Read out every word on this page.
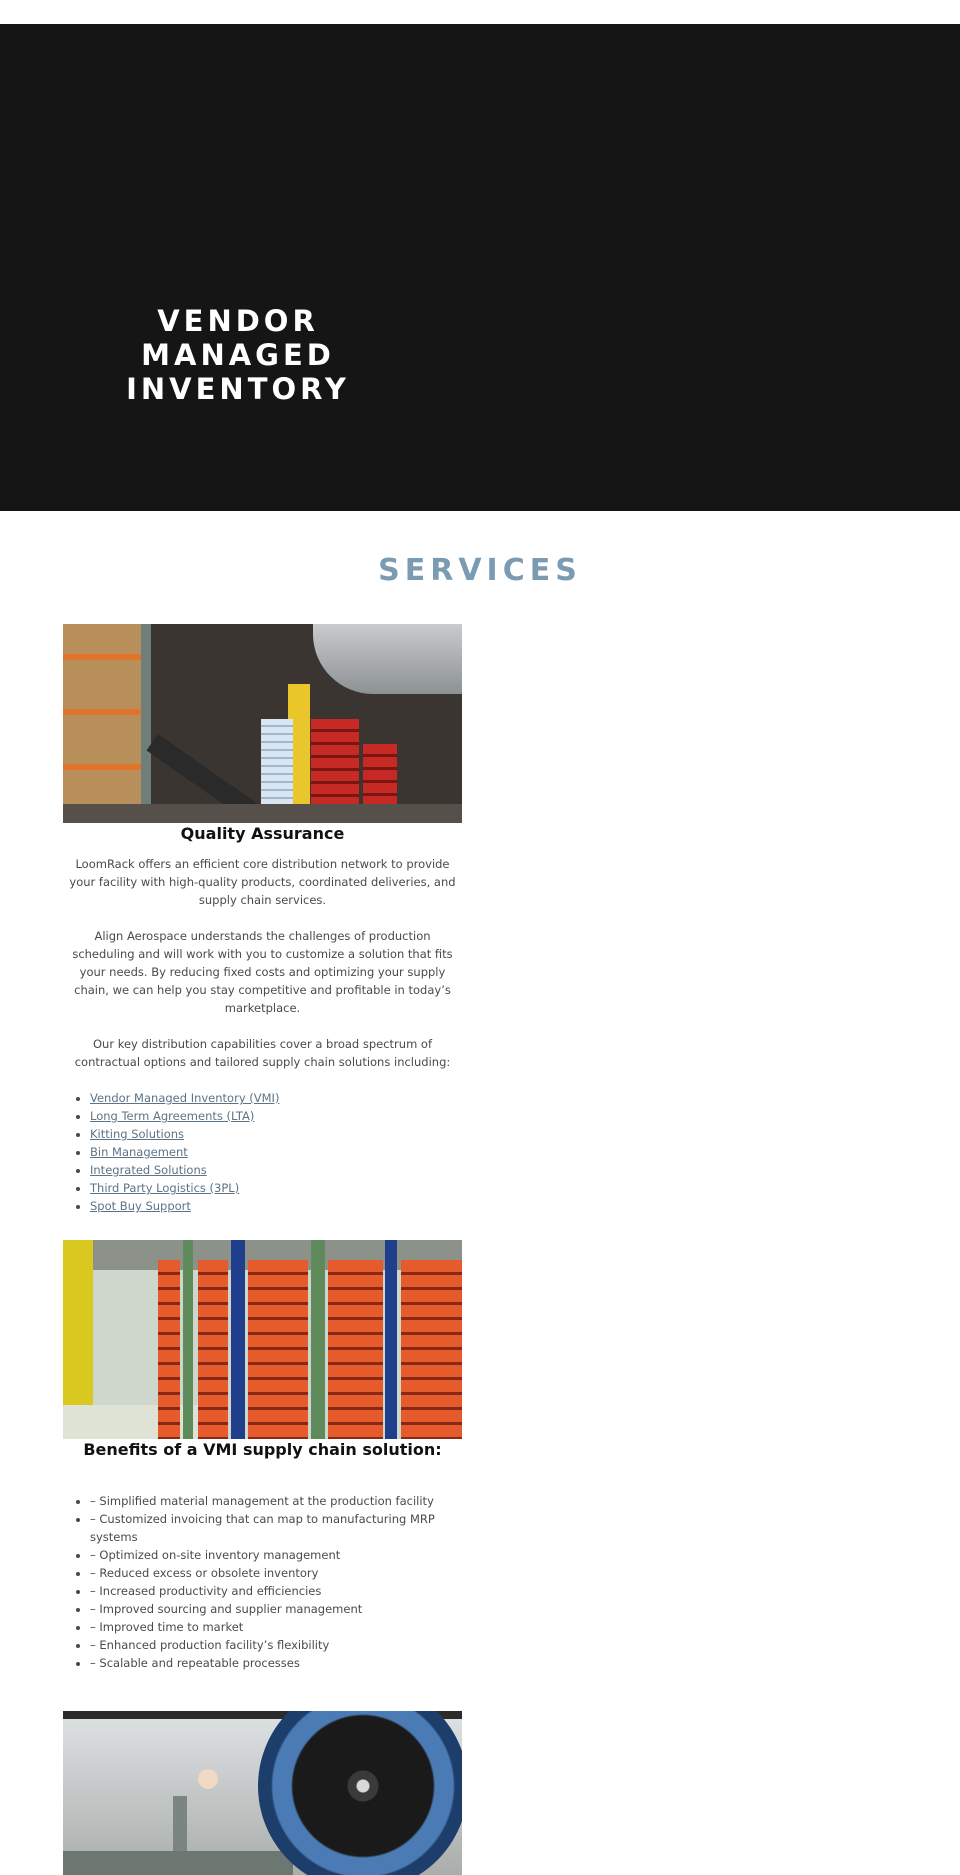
VENDOR
MANAGED
INVENTORY
SERVICES
Quality Assurance

LoomRack offers an efficient core distribution network to provide your facility with high-quality products, coordinated deliveries, and supply chain services.

Align Aerospace understands the challenges of production scheduling and will work with you to customize a solution that fits your needs. By reducing fixed costs and optimizing your supply chain, we can help you stay competitive and profitable in today’s marketplace.

Our key distribution capabilities cover a broad spectrum of contractual options and tailored supply chain solutions including:

• Vendor Managed Inventory (VMI)
• Long Term Agreements (LTA)
• Kitting Solutions
• Bin Management
• Integrated Solutions
• Third Party Logistics (3PL)
• Spot Buy Support
Benefits of a VMI supply chain solution:
• – Simplified material management at the production facility
• – Customized invoicing that can map to manufacturing MRP systems
• – Optimized on-site inventory management
• – Reduced excess or obsolete inventory
• – Increased productivity and efficiencies
• – Improved sourcing and supplier management
• – Improved time to market
• – Enhanced production facility’s flexibility
• – Scalable and repeatable processes
